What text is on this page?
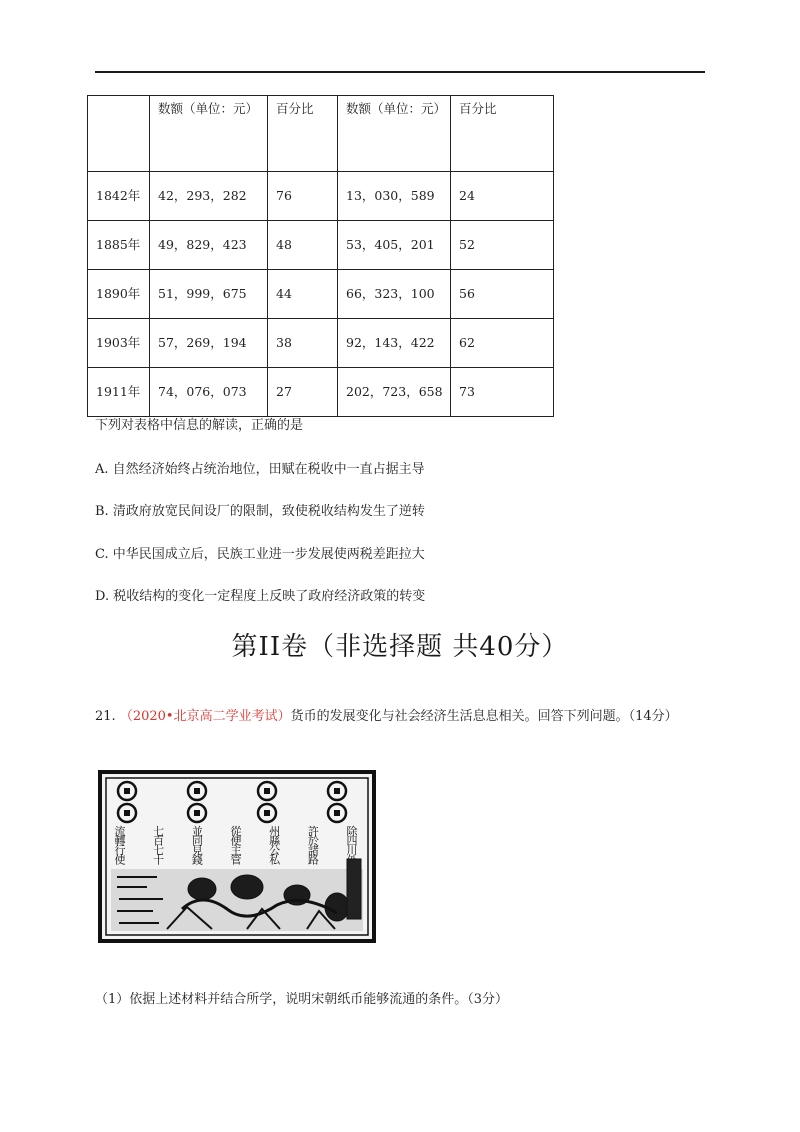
	数额（单位：元）	百分比	数额（单位：元）	百分比
1842年	42，293，282	76	13，030，589	24
1885年	49，829，423	48	53，405，201	52
1890年	51，999，675	44	66，323，100	56
1903年	57，269，194	38	92，143，422	62
1911年	74，076，073	27	202，723，658	73
下列对表格中信息的解读，正确的是
A. 自然经济始终占统治地位，田赋在税收中一直占据主导
B. 清政府放宽民间设厂的限制，致使税收结构发生了逆转
C. 中华民国成立后，民族工业进一步发展使两税差距拉大
D. 税收结构的变化一定程度上反映了政府经济政策的转变
第II卷（非选择题 共40分）
21. （2020•北京高二学业考试）货币的发展变化与社会经济生活息息相关。回答下列问题。（14分）
除
四
川
許
於
諸
路
州
縣
公
私
從
便
主
管
並
同
見
錢
七
百
七
十
流
轉
行
使
（1）依据上述材料并结合所学，说明宋朝纸币能够流通的条件。（3分）
